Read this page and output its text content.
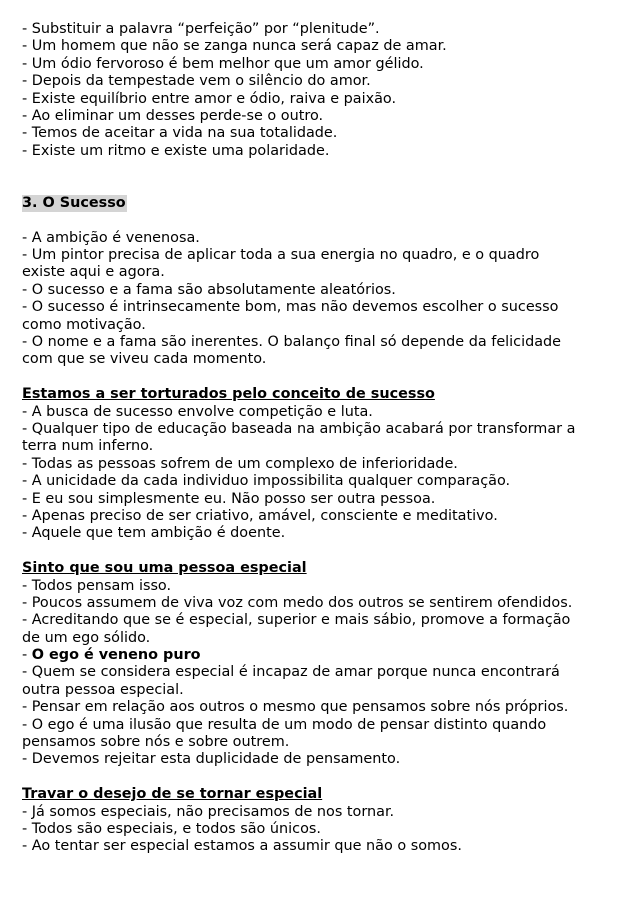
- Substituir a palavra “perfeição” por “plenitude”.
- Um homem que não se zanga nunca será capaz de amar.
- Um ódio fervoroso é bem melhor que um amor gélido.
- Depois da tempestade vem o silêncio do amor.
- Existe equilíbrio entre amor e ódio, raiva e paixão.
- Ao eliminar um desses perde-se o outro.
- Temos de aceitar a vida na sua totalidade.
- Existe um ritmo e existe uma polaridade.
3. O Sucesso
- A ambição é venenosa.
- Um pintor precisa de aplicar toda a sua energia no quadro, e o quadro
existe aqui e agora.
- O sucesso e a fama são absolutamente aleatórios.
- O sucesso é intrinsecamente bom, mas não devemos escolher o sucesso
como motivação.
- O nome e a fama são inerentes. O balanço final só depende da felicidade
com que se viveu cada momento.
Estamos a ser torturados pelo conceito de sucesso
- A busca de sucesso envolve competição e luta.
- Qualquer tipo de educação baseada na ambição acabará por transformar a
terra num inferno.
- Todas as pessoas sofrem de um complexo de inferioridade.
- A unicidade da cada individuo impossibilita qualquer comparação.
- E eu sou simplesmente eu. Não posso ser outra pessoa.
- Apenas preciso de ser criativo, amável, consciente e meditativo.
- Aquele que tem ambição é doente.
Sinto que sou uma pessoa especial
- Todos pensam isso.
- Poucos assumem de viva voz com medo dos outros se sentirem ofendidos.
- Acreditando que se é especial, superior e mais sábio, promove a formação
de um ego sólido.
- O ego é veneno puro
- Quem se considera especial é incapaz de amar porque nunca encontrará
outra pessoa especial.
- Pensar em relação aos outros o mesmo que pensamos sobre nós próprios.
- O ego é uma ilusão que resulta de um modo de pensar distinto quando
pensamos sobre nós e sobre outrem.
- Devemos rejeitar esta duplicidade de pensamento.
Travar o desejo de se tornar especial
- Já somos especiais, não precisamos de nos tornar.
- Todos são especiais, e todos são únicos.
- Ao tentar ser especial estamos a assumir que não o somos.
